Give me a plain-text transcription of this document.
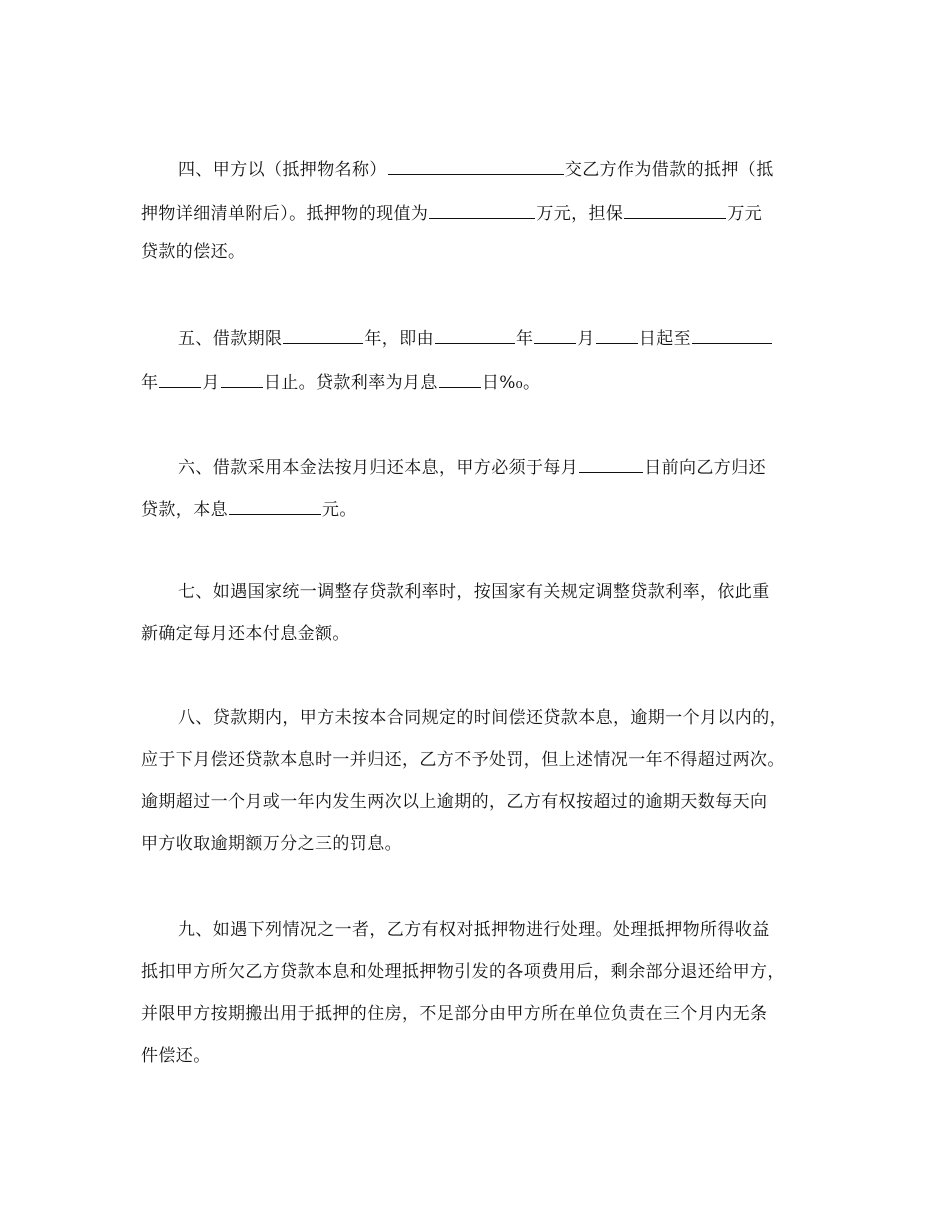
四、甲方以（抵押物名称）	交乙方作为借款的抵押（抵
押物详细清单附后）。抵押物的现值为	万元，担保	万元
贷款的偿还。
五、借款期限	年，即由	年	月	日起至
年	月	日止。贷款利率为月息	日%₀。
六、借款采用本金法按月归还本息，甲方必须于每月	日前向乙方归还
贷款，本息	元。
七、如遇国家统一调整存贷款利率时，按国家有关规定调整贷款利率，依此重
新确定每月还本付息金额。
八、贷款期内，甲方未按本合同规定的时间偿还贷款本息，逾期一个月以内的，
应于下月偿还贷款本息时一并归还，乙方不予处罚，但上述情况一年不得超过两次。
逾期超过一个月或一年内发生两次以上逾期的，乙方有权按超过的逾期天数每天向
甲方收取逾期额万分之三的罚息。
九、如遇下列情况之一者，乙方有权对抵押物进行处理。处理抵押物所得收益
抵扣甲方所欠乙方贷款本息和处理抵押物引发的各项费用后，剩余部分退还给甲方，
并限甲方按期搬出用于抵押的住房，不足部分由甲方所在单位负责在三个月内无条
件偿还。
